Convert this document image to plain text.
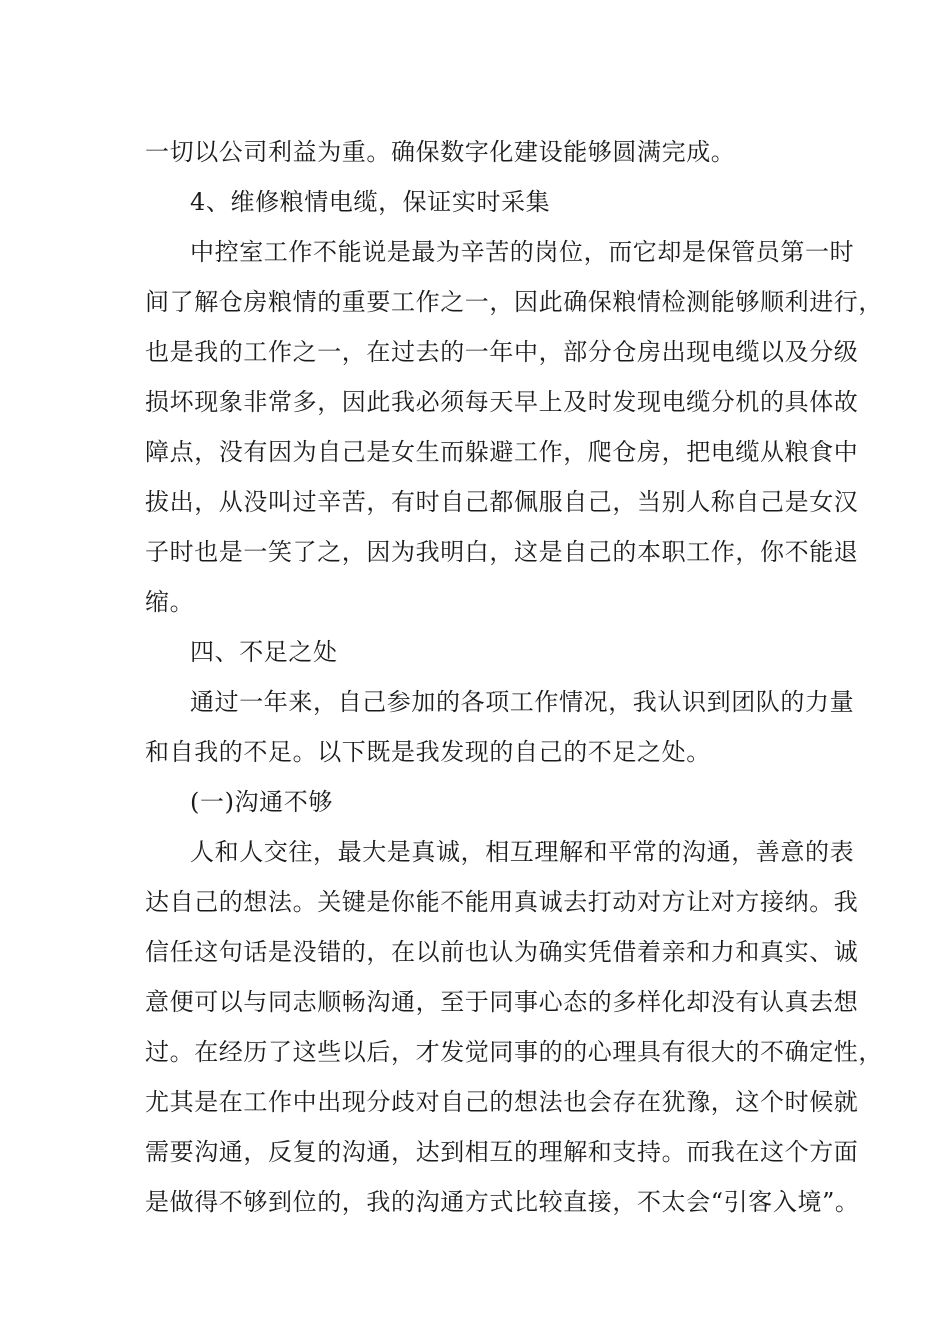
一切以公司利益为重。确保数字化建设能够圆满完成。

4、维修粮情电缆，保证实时采集

中控室工作不能说是最为辛苦的岗位，而它却是保管员第一时

间了解仓房粮情的重要工作之一，因此确保粮情检测能够顺利进行，

也是我的工作之一，在过去的一年中，部分仓房出现电缆以及分级

损坏现象非常多，因此我必须每天早上及时发现电缆分机的具体故

障点，没有因为自己是女生而躲避工作，爬仓房，把电缆从粮食中

拔出，从没叫过辛苦，有时自己都佩服自己，当别人称自己是女汉

子时也是一笑了之，因为我明白，这是自己的本职工作，你不能退

缩。

四、不足之处

通过一年来，自己参加的各项工作情况，我认识到团队的力量

和自我的不足。以下既是我发现的自己的不足之处。

(一)沟通不够

人和人交往，最大是真诚，相互理解和平常的沟通，善意的表

达自己的想法。关键是你能不能用真诚去打动对方让对方接纳。我

信任这句话是没错的，在以前也认为确实凭借着亲和力和真实、诚

意便可以与同志顺畅沟通，至于同事心态的多样化却没有认真去想

过。在经历了这些以后，才发觉同事的的心理具有很大的不确定性，

尤其是在工作中出现分歧对自己的想法也会存在犹豫，这个时候就

需要沟通，反复的沟通，达到相互的理解和支持。而我在这个方面

是做得不够到位的，我的沟通方式比较直接，不太会“引客入境”。
